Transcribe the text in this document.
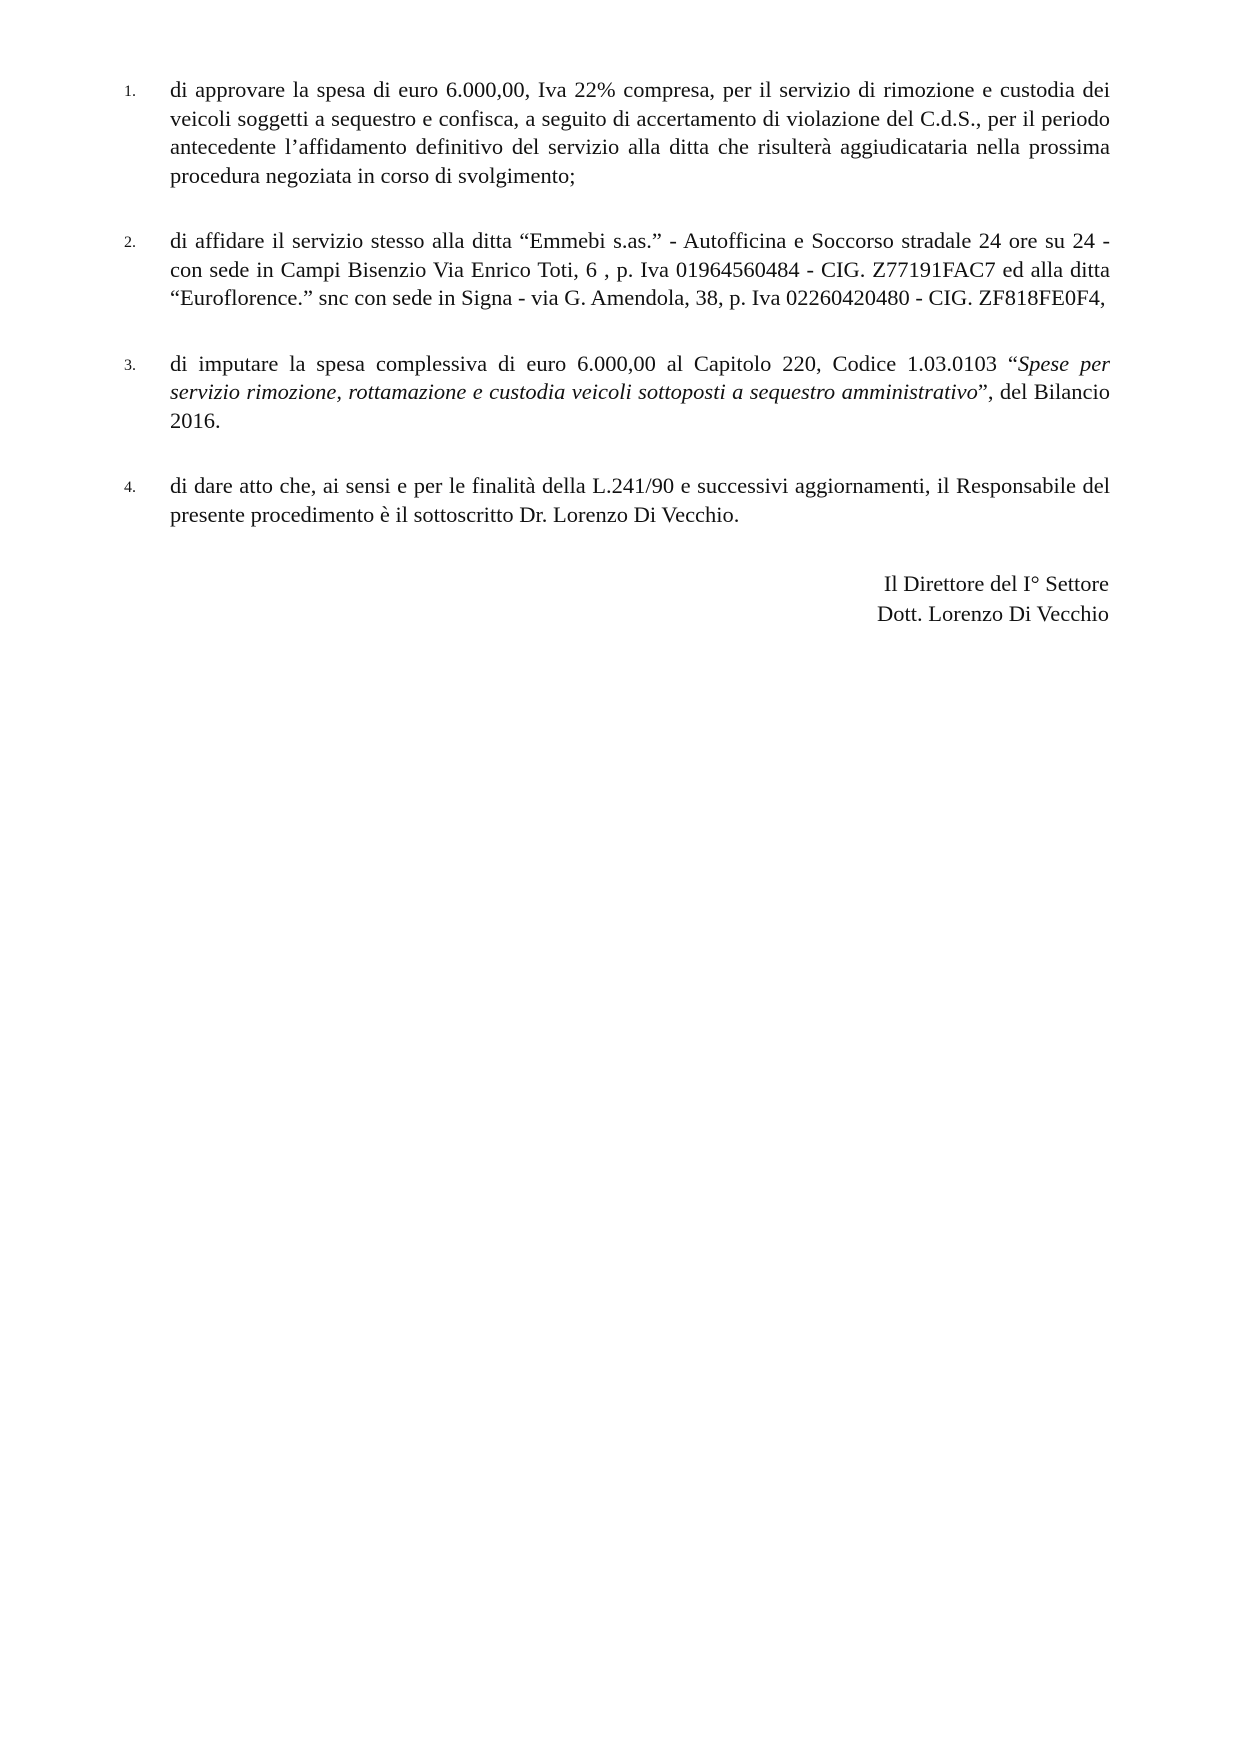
1.	di approvare la spesa di euro 6.000,00, Iva 22% compresa, per il servizio di rimozione e custodia dei veicoli soggetti a sequestro e confisca, a seguito di accertamento di violazione del C.d.S., per il periodo antecedente l’affidamento definitivo del servizio alla ditta che risulterà aggiudicataria nella prossima procedura negoziata in corso di svolgimento;
2.	di affidare il servizio stesso alla ditta “Emmebi s.as.” - Autofficina e Soccorso stradale 24 ore su 24 - con sede in Campi Bisenzio Via Enrico Toti, 6 , p. Iva 01964560484 - CIG. Z77191FAC7 ed alla ditta “Euroflorence.” snc con sede in Signa - via G. Amendola, 38, p. Iva 02260420480 - CIG. ZF818FE0F4,
3.	di imputare la spesa complessiva di euro 6.000,00 al Capitolo 220, Codice 1.03.0103 “Spese per servizio rimozione, rottamazione e custodia veicoli sottoposti a sequestro amministrativo”, del Bilancio 2016.
4.	di dare atto che, ai sensi e per le finalità della L.241/90 e successivi aggiornamenti, il Responsabile del presente procedimento è il sottoscritto Dr. Lorenzo Di Vecchio.
Il Direttore del I° Settore
Dott. Lorenzo Di Vecchio
